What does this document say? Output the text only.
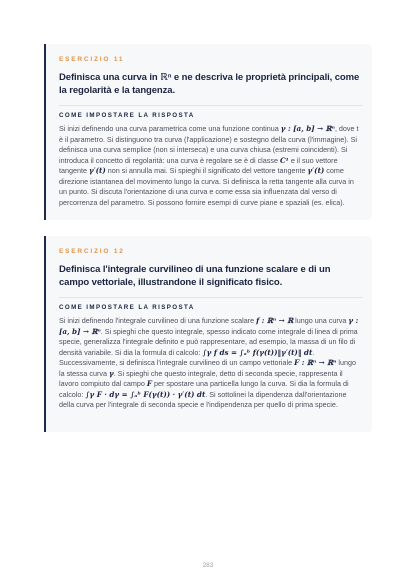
ESERCIZIO 11
Definisca una curva in ℝⁿ e ne descriva le proprietà principali, come la regolarità e la tangenza.
COME IMPOSTARE LA RISPOSTA
Si inizi definendo una curva parametrica come una funzione continua γ : [a, b] → ℝⁿ, dove t è il parametro. Si distinguono tra curva (l'applicazione) e sostegno della curva (l'immagine). Si definisca una curva semplice (non si interseca) e una curva chiusa (estremi coincidenti). Si introduca il concetto di regolarità: una curva è regolare se è di classe C¹ e il suo vettore tangente γ′(t) non si annulla mai. Si spieghi il significato del vettore tangente γ′(t) come direzione istantanea del movimento lungo la curva. Si definisca la retta tangente alla curva in un punto. Si discuta l'orientazione di una curva e come essa sia influenzata dal verso di percorrenza del parametro. Si possono fornire esempi di curve piane e spaziali (es. elica).
ESERCIZIO 12
Definisca l'integrale curvilineo di una funzione scalare e di un campo vettoriale, illustrandone il significato fisico.
COME IMPOSTARE LA RISPOSTA
Si inizi definendo l'integrale curvilineo di una funzione scalare f : ℝⁿ → ℝ lungo una curva γ : [a, b] → ℝⁿ. Si spieghi che questo integrale, spesso indicato come integrale di linea di prima specie, generalizza l'integrale definito e può rappresentare, ad esempio, la massa di un filo di densità variabile. Si dia la formula di calcolo: ∫γ f ds = ∫ₐᵇ f(γ(t))‖γ′(t)‖ dt. Successivamente, si definisca l'integrale curvilineo di un campo vettoriale F : ℝⁿ → ℝⁿ lungo la stessa curva γ. Si spieghi che questo integrale, detto di seconda specie, rappresenta il lavoro compiuto dal campo F per spostare una particella lungo la curva. Si dia la formula di calcolo: ∫γ F · dγ = ∫ₐᵇ F(γ(t)) · γ′(t) dt. Si sottolinei la dipendenza dall'orientazione della curva per l'integrale di seconda specie e l'indipendenza per quello di prima specie.
283
